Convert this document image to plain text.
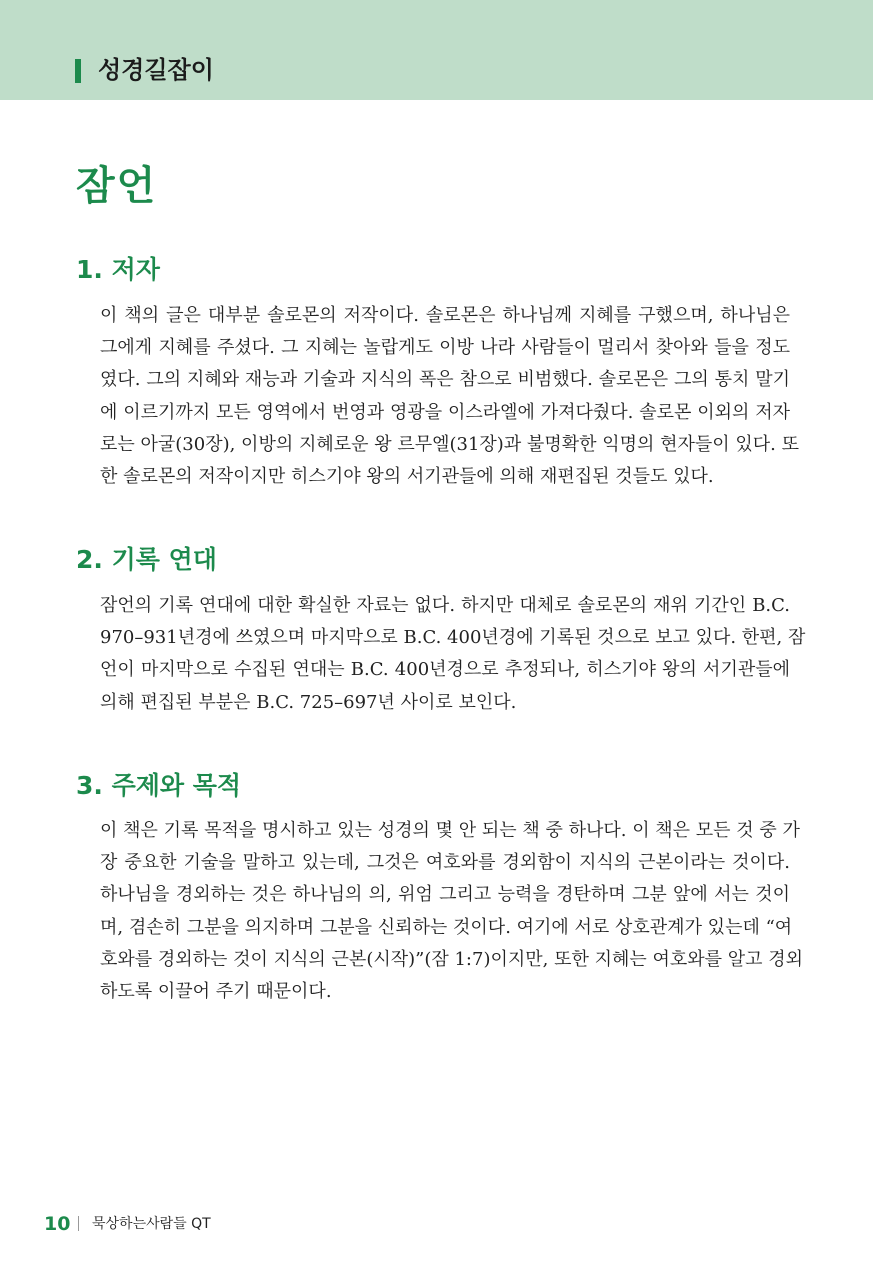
성경길잡이
잠언
1. 저자
이 책의 글은 대부분 솔로몬의 저작이다. 솔로몬은 하나님께 지혜를 구했으며, 하나님은
그에게 지혜를 주셨다. 그 지혜는 놀랍게도 이방 나라 사람들이 멀리서 찾아와 들을 정도
였다. 그의 지혜와 재능과 기술과 지식의 폭은 참으로 비범했다. 솔로몬은 그의 통치 말기
에 이르기까지 모든 영역에서 번영과 영광을 이스라엘에 가져다줬다. 솔로몬 이외의 저자
로는 아굴(30장), 이방의 지혜로운 왕 르무엘(31장)과 불명확한 익명의 현자들이 있다. 또
한 솔로몬의 저작이지만 히스기야 왕의 서기관들에 의해 재편집된 것들도 있다.
2. 기록 연대
잠언의 기록 연대에 대한 확실한 자료는 없다. 하지만 대체로 솔로몬의 재위 기간인 B.C.
970–931년경에 쓰였으며 마지막으로 B.C. 400년경에 기록된 것으로 보고 있다. 한편, 잠
언이 마지막으로 수집된 연대는 B.C. 400년경으로 추정되나, 히스기야 왕의 서기관들에
의해 편집된 부분은 B.C. 725–697년 사이로 보인다.
3. 주제와 목적
이 책은 기록 목적을 명시하고 있는 성경의 몇 안 되는 책 중 하나다. 이 책은 모든 것 중 가
장 중요한 기술을 말하고 있는데, 그것은 여호와를 경외함이 지식의 근본이라는 것이다.
하나님을 경외하는 것은 하나님의 의, 위엄 그리고 능력을 경탄하며 그분 앞에 서는 것이
며, 겸손히 그분을 의지하며 그분을 신뢰하는 것이다. 여기에 서로 상호관계가 있는데 “여
호와를 경외하는 것이 지식의 근본(시작)”(잠 1:7)이지만, 또한 지혜는 여호와를 알고 경외
하도록 이끌어 주기 때문이다.
10 묵상하는사람들 QT
